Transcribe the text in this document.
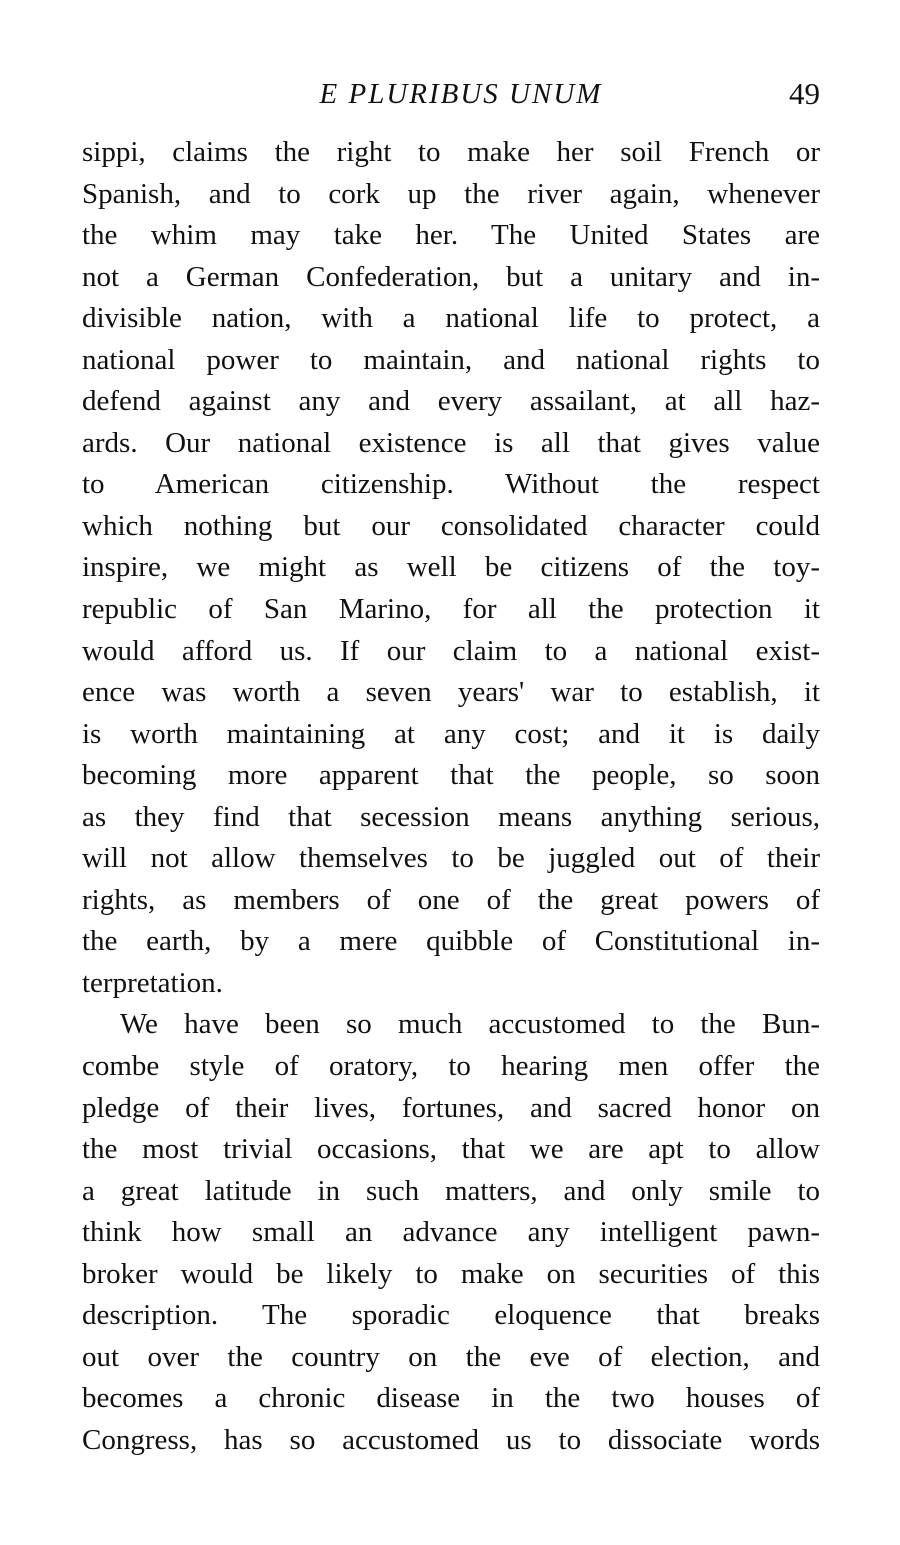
E PLURIBUS UNUM	49
sippi, claims the right to make her soil French or
Spanish, and to cork up the river again, whenever
the whim may take her. The United States are
not a German Confederation, but a unitary and in-
divisible nation, with a national life to protect, a
national power to maintain, and national rights to
defend against any and every assailant, at all haz-
ards. Our national existence is all that gives value
to American citizenship. Without the respect
which nothing but our consolidated character could
inspire, we might as well be citizens of the toy-
republic of San Marino, for all the protection it
would afford us. If our claim to a national exist-
ence was worth a seven years' war to establish, it
is worth maintaining at any cost; and it is daily
becoming more apparent that the people, so soon
as they find that secession means anything serious,
will not allow themselves to be juggled out of their
rights, as members of one of the great powers of
the earth, by a mere quibble of Constitutional in-
terpretation.
We have been so much accustomed to the Bun-
combe style of oratory, to hearing men offer the
pledge of their lives, fortunes, and sacred honor on
the most trivial occasions, that we are apt to allow
a great latitude in such matters, and only smile to
think how small an advance any intelligent pawn-
broker would be likely to make on securities of this
description. The sporadic eloquence that breaks
out over the country on the eve of election, and
becomes a chronic disease in the two houses of
Congress, has so accustomed us to dissociate words
